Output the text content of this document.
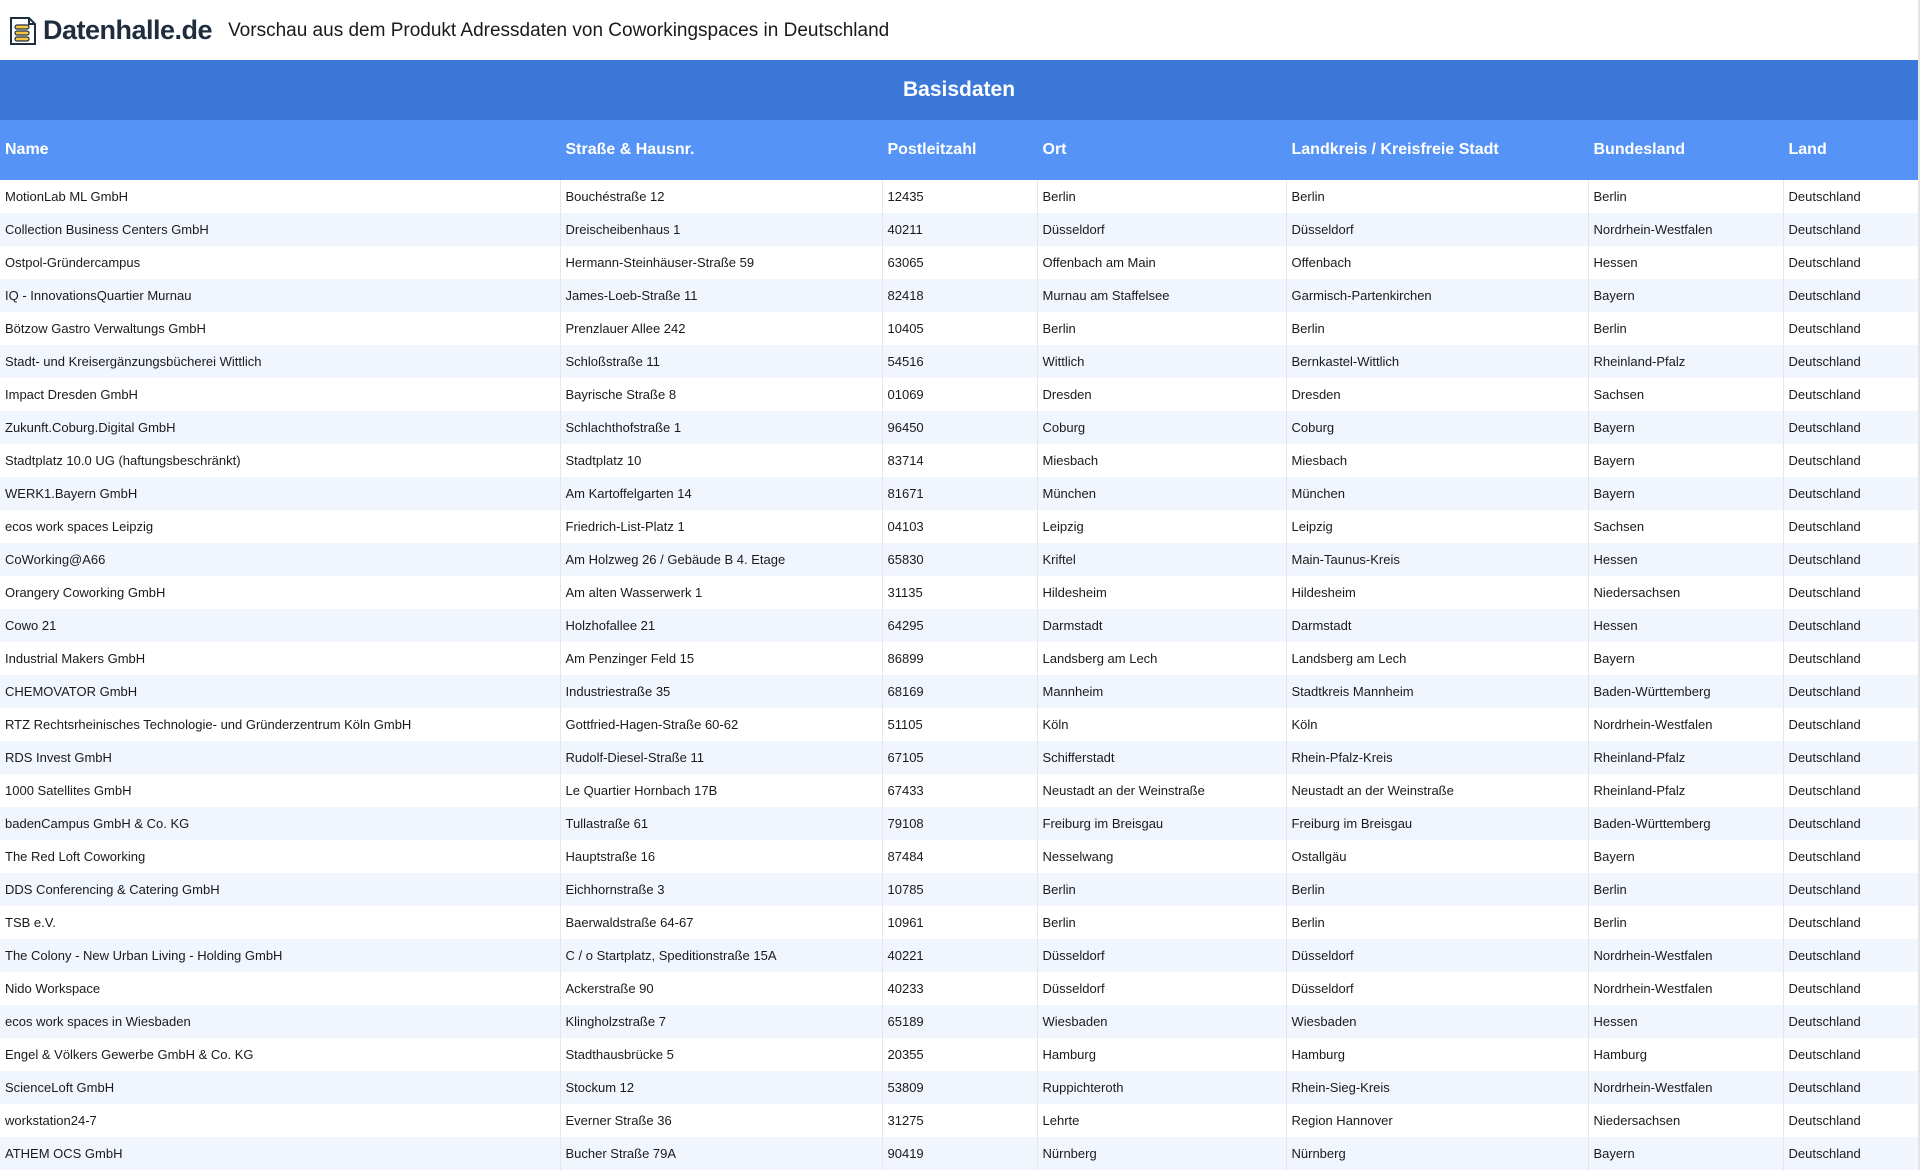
Datenhalle.de Vorschau aus dem Produkt Adressdaten von Coworkingspaces in Deutschland
Basisdaten						
Name	Straße & Hausnr.	Postleitzahl	Ort	Landkreis / Kreisfreie Stadt	Bundesland	Land
MotionLab ML GmbH	Bouchéstraße 12	12435	Berlin	Berlin	Berlin	Deutschland
Collection Business Centers GmbH	Dreischeibenhaus 1	40211	Düsseldorf	Düsseldorf	Nordrhein-Westfalen	Deutschland
Ostpol-Gründercampus	Hermann-Steinhäuser-Straße 59	63065	Offenbach am Main	Offenbach	Hessen	Deutschland
IQ - InnovationsQuartier Murnau	James-Loeb-Straße 11	82418	Murnau am Staffelsee	Garmisch-Partenkirchen	Bayern	Deutschland
Bötzow Gastro Verwaltungs GmbH	Prenzlauer Allee 242	10405	Berlin	Berlin	Berlin	Deutschland
Stadt- und Kreisergänzungsbücherei Wittlich	Schloßstraße 11	54516	Wittlich	Bernkastel-Wittlich	Rheinland-Pfalz	Deutschland
Impact Dresden GmbH	Bayrische Straße 8	01069	Dresden	Dresden	Sachsen	Deutschland
Zukunft.Coburg.Digital GmbH	Schlachthofstraße 1	96450	Coburg	Coburg	Bayern	Deutschland
Stadtplatz 10.0 UG (haftungsbeschränkt)	Stadtplatz 10	83714	Miesbach	Miesbach	Bayern	Deutschland
WERK1.Bayern GmbH	Am Kartoffelgarten 14	81671	München	München	Bayern	Deutschland
ecos work spaces Leipzig	Friedrich-List-Platz 1	04103	Leipzig	Leipzig	Sachsen	Deutschland
CoWorking@A66	Am Holzweg 26 / Gebäude B 4. Etage	65830	Kriftel	Main-Taunus-Kreis	Hessen	Deutschland
Orangery Coworking GmbH	Am alten Wasserwerk 1	31135	Hildesheim	Hildesheim	Niedersachsen	Deutschland
Cowo 21	Holzhofallee 21	64295	Darmstadt	Darmstadt	Hessen	Deutschland
Industrial Makers GmbH	Am Penzinger Feld 15	86899	Landsberg am Lech	Landsberg am Lech	Bayern	Deutschland
CHEMOVATOR GmbH	Industriestraße 35	68169	Mannheim	Stadtkreis Mannheim	Baden-Württemberg	Deutschland
RTZ Rechtsrheinisches Technologie- und Gründerzentrum Köln GmbH	Gottfried-Hagen-Straße 60-62	51105	Köln	Köln	Nordrhein-Westfalen	Deutschland
RDS Invest GmbH	Rudolf-Diesel-Straße 11	67105	Schifferstadt	Rhein-Pfalz-Kreis	Rheinland-Pfalz	Deutschland
1000 Satellites GmbH	Le Quartier Hornbach 17B	67433	Neustadt an der Weinstraße	Neustadt an der Weinstraße	Rheinland-Pfalz	Deutschland
badenCampus GmbH & Co. KG	Tullastraße 61	79108	Freiburg im Breisgau	Freiburg im Breisgau	Baden-Württemberg	Deutschland
The Red Loft Coworking	Hauptstraße 16	87484	Nesselwang	Ostallgäu	Bayern	Deutschland
DDS Conferencing & Catering GmbH	Eichhornstraße 3	10785	Berlin	Berlin	Berlin	Deutschland
TSB e.V.	Baerwaldstraße 64-67	10961	Berlin	Berlin	Berlin	Deutschland
The Colony - New Urban Living - Holding GmbH	C / o Startplatz, Speditionstraße 15A	40221	Düsseldorf	Düsseldorf	Nordrhein-Westfalen	Deutschland
Nido Workspace	Ackerstraße 90	40233	Düsseldorf	Düsseldorf	Nordrhein-Westfalen	Deutschland
ecos work spaces in Wiesbaden	Klingholzstraße 7	65189	Wiesbaden	Wiesbaden	Hessen	Deutschland
Engel & Völkers Gewerbe GmbH & Co. KG	Stadthausbrücke 5	20355	Hamburg	Hamburg	Hamburg	Deutschland
ScienceLoft GmbH	Stockum 12	53809	Ruppichteroth	Rhein-Sieg-Kreis	Nordrhein-Westfalen	Deutschland
workstation24-7	Everner Straße 36	31275	Lehrte	Region Hannover	Niedersachsen	Deutschland
ATHEM OCS GmbH	Bucher Straße 79A	90419	Nürnberg	Nürnberg	Bayern	Deutschland
